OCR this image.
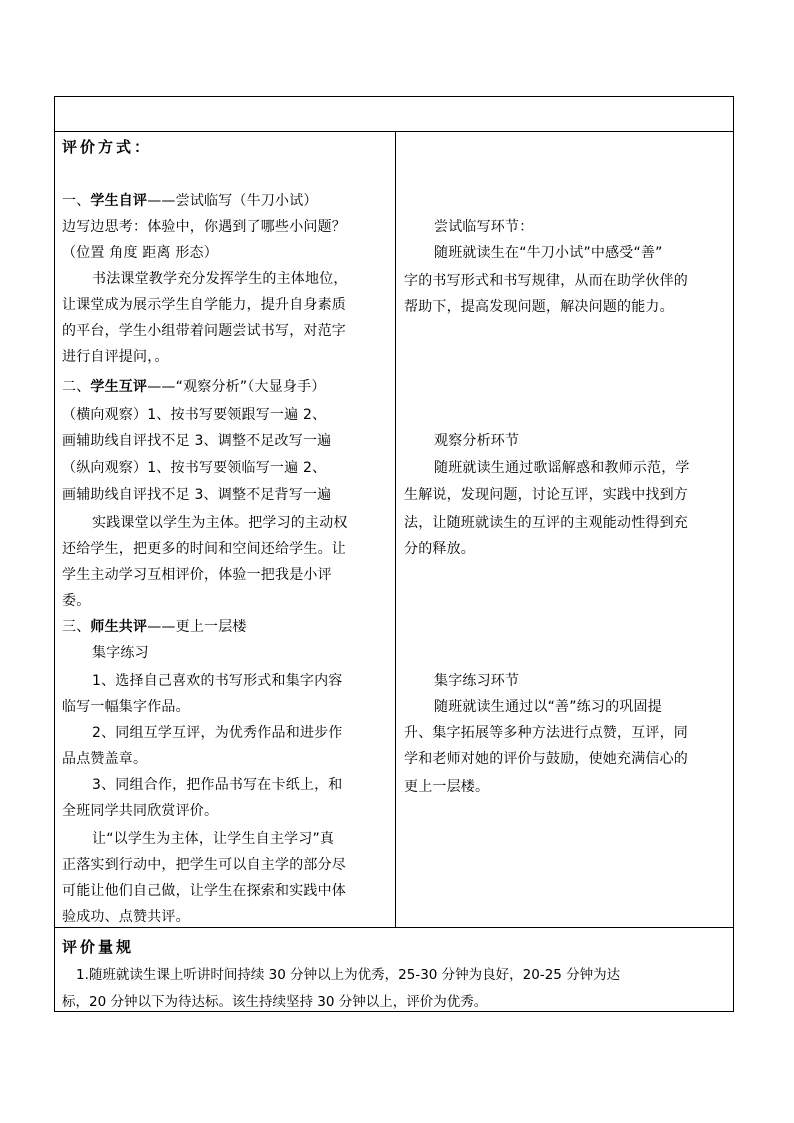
评价方式：
一、学生自评——尝试临写（牛刀小试）
边写边思考：体验中，你遇到了哪些小问题？
（位置 角度 距离 形态）
书法课堂教学充分发挥学生的主体地位，
让课堂成为展示学生自学能力，提升自身素质
的平台，学生小组带着问题尝试书写，对范字
进行自评提问，。
二、学生互评——“观察分析”（大显身手）
（横向观察）1、按书写要领跟写一遍 2、
画辅助线自评找不足 3、调整不足改写一遍
（纵向观察）1、按书写要领临写一遍 2、
画辅助线自评找不足 3、调整不足背写一遍
实践课堂以学生为主体。把学习的主动权
还给学生，把更多的时间和空间还给学生。让
学生主动学习互相评价，体验一把我是小评
委。
三、师生共评——更上一层楼
集字练习
1、选择自己喜欢的书写形式和集字内容
临写一幅集字作品。
2、同组互学互评，为优秀作品和进步作
品点赞盖章。
3、同组合作，把作品书写在卡纸上，和
全班同学共同欣赏评价。
让“以学生为主体，让学生自主学习”真
正落实到行动中，把学生可以自主学的部分尽
可能让他们自己做，让学生在探索和实践中体
验成功、点赞共评。
尝试临写环节：
随班就读生在“牛刀小试”中感受“善”
字的书写形式和书写规律，从而在助学伙伴的
帮助下，提高发现问题，解决问题的能力。
观察分析环节
随班就读生通过歌谣解惑和教师示范，学
生解说，发现问题，讨论互评，实践中找到方
法，让随班就读生的互评的主观能动性得到充
分的释放。
集字练习环节
随班就读生通过以“善”练习的巩固提
升、集字拓展等多种方法进行点赞，互评，同
学和老师对她的评价与鼓励，使她充满信心的
更上一层楼。
评价量规
1.随班就读生课上听讲时间持续 30 分钟以上为优秀，25-30 分钟为良好，20-25 分钟为达
标，20 分钟以下为待达标。该生持续坚持 30 分钟以上，评价为优秀。
